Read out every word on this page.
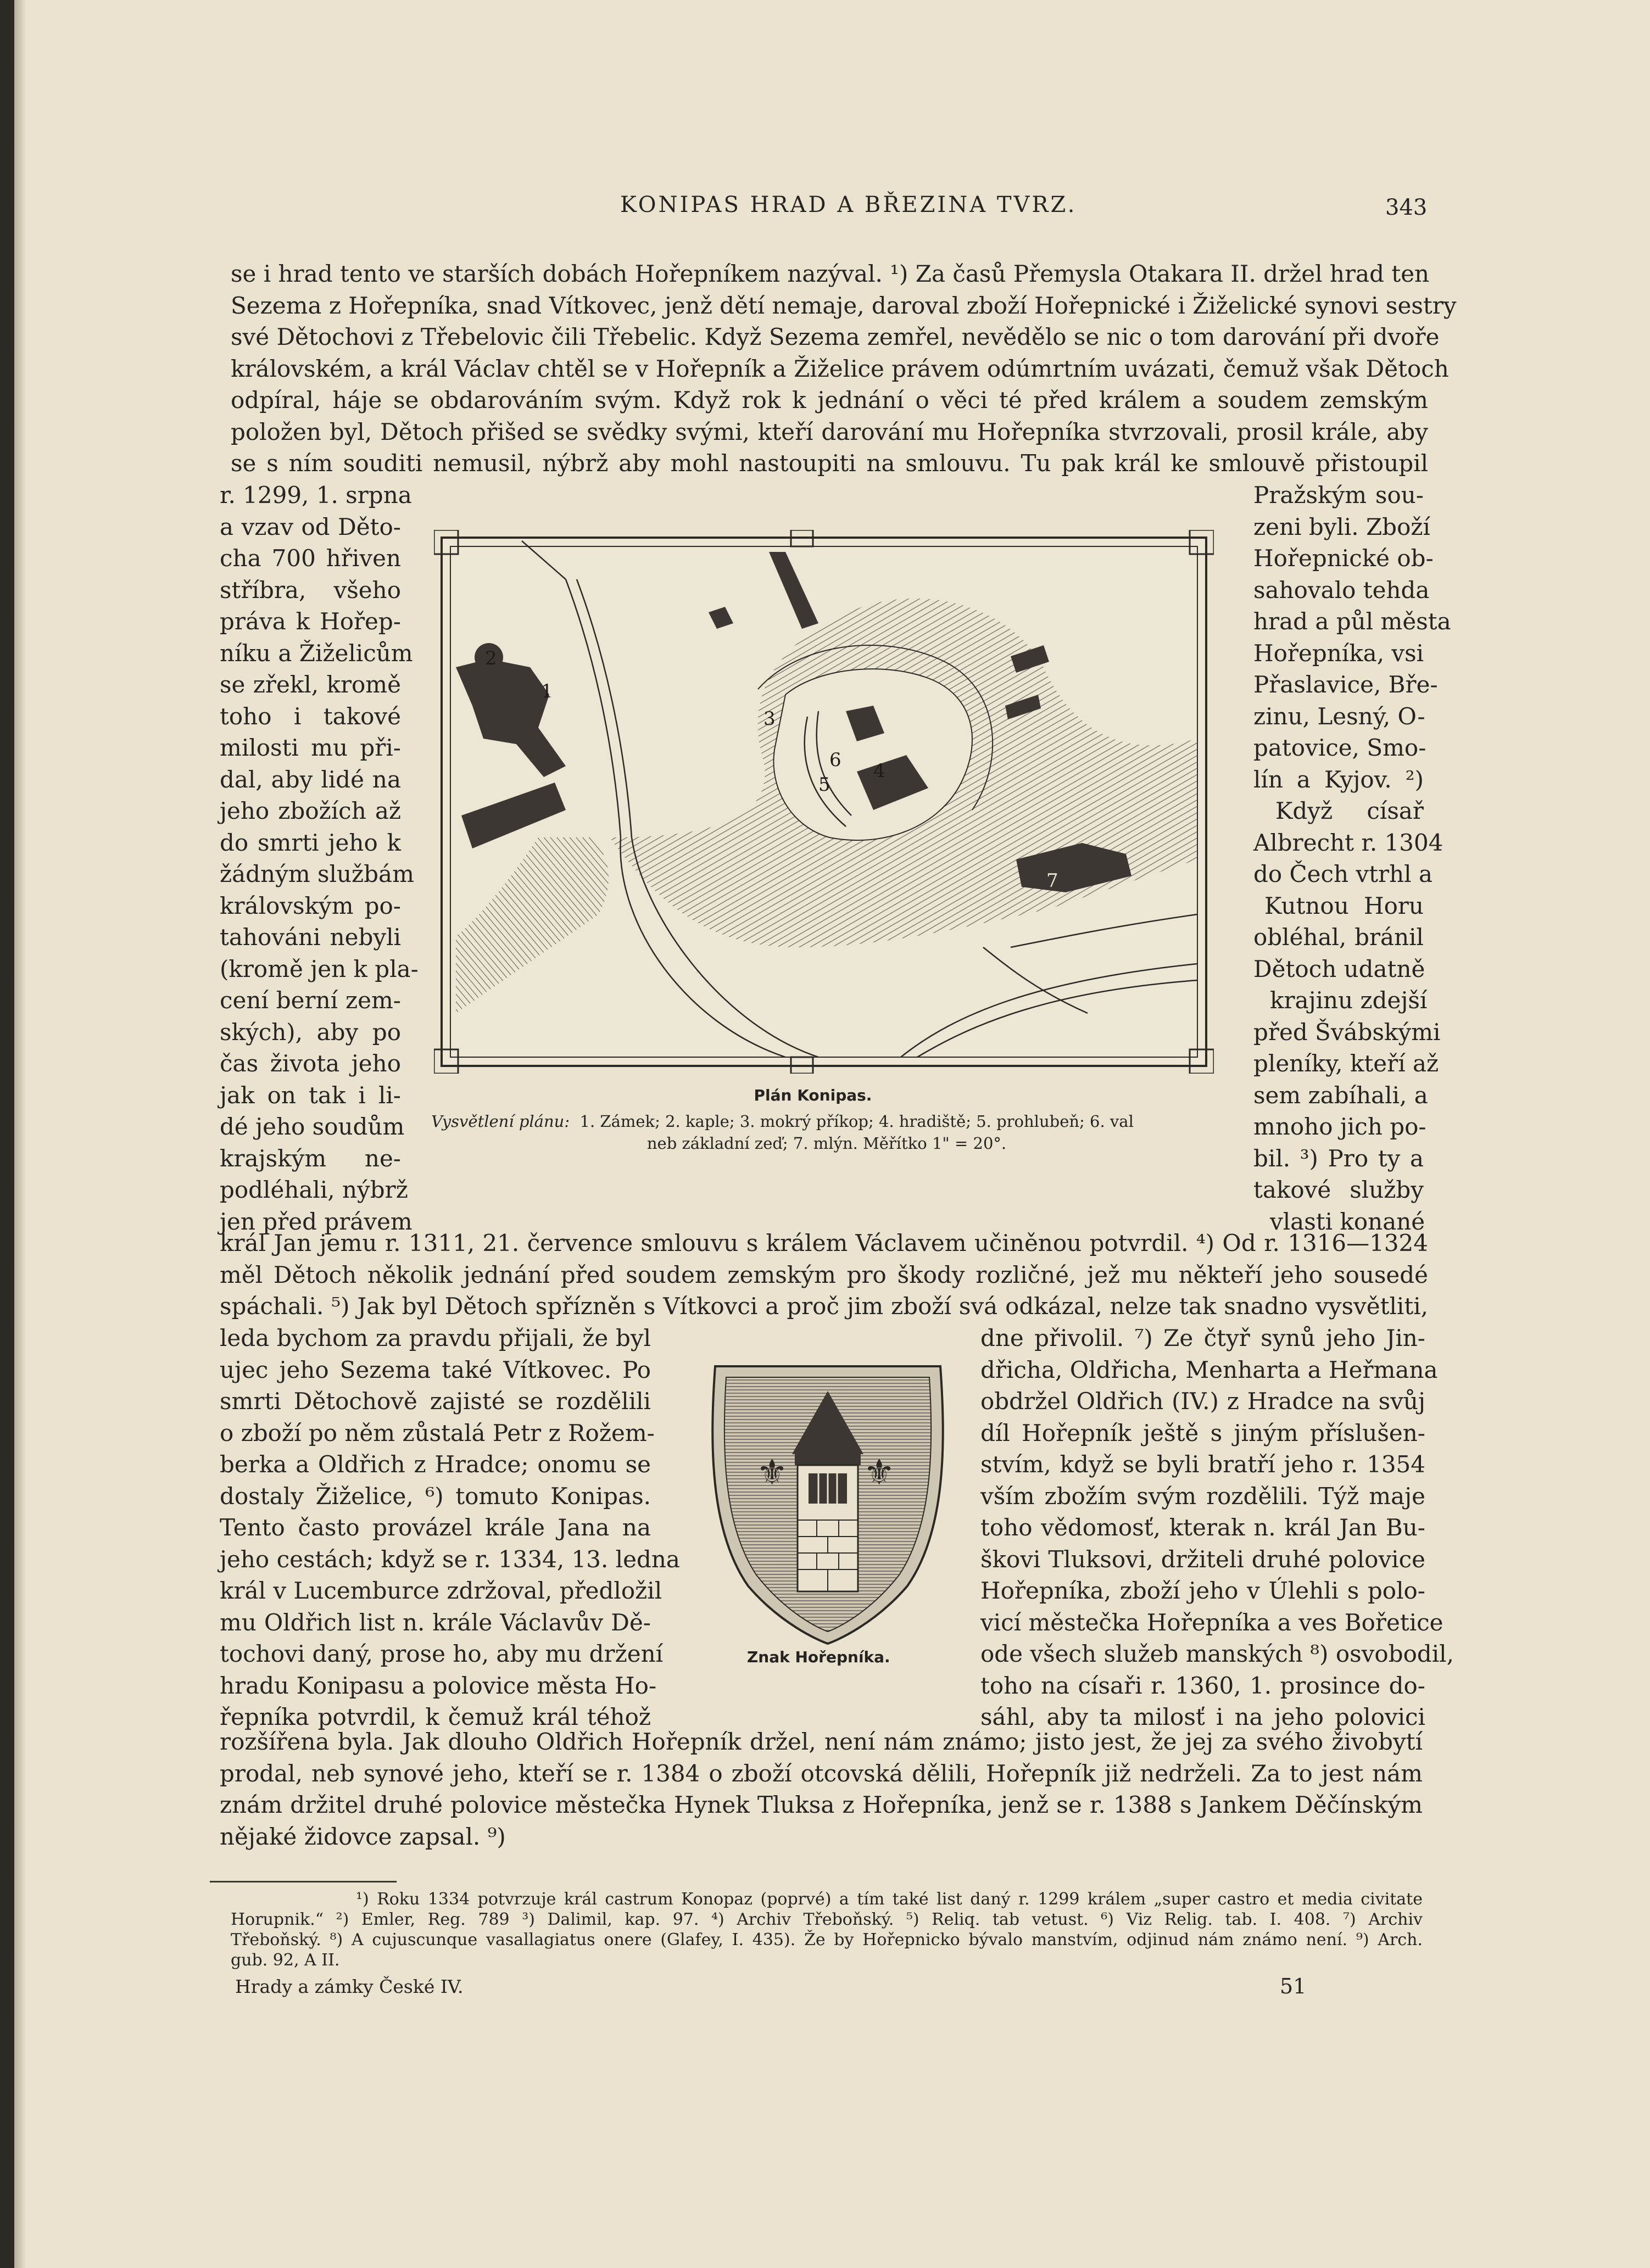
KONIPAS HRAD A BŘEZINA TVRZ.	343
se i hrad tento ve starších dobách Hořepníkem nazýval. ¹) Za časů Přemysla Otakara II. držel hrad ten
Sezema z Hořepníka, snad Vítkovec, jenž dětí nemaje, daroval zboží Hořepnické i Žiželické synovi sestry
své Dětochovi z Třebelovic čili Třebelic. Když Sezema zemřel, nevědělo se nic o tom darování při dvoře
královském, a král Václav chtěl se v Hořepník a Žiželice právem odúmrtním uvázati, čemuž však Dětoch
odpíral, háje se obdarováním svým. Když rok k jednání o věci té před králem a soudem zemským
položen byl, Dětoch přišed se svědky svými, kteří darování mu Hořepníka stvrzovali, prosil krále, aby
se s ním souditi nemusil, nýbrž aby mohl nastoupiti na smlouvu. Tu pak král ke smlouvě přistoupil
r. 1299, 1. srpna
a vzav od Děto-
cha 700 hřiven
stříbra, všeho
práva k Hořep-
níku a Žiželicům
se zřekl, kromě
toho i takové
milosti mu při-
dal, aby lidé na
jeho zbožích až
do smrti jeho k
žádným službám
královským po-
tahováni nebyli
(kromě jen k pla-
cení berní zem-
ských), aby po
čas života jeho
jak on tak i li-
dé jeho soudům
krajským ne-
podléhali, nýbrž
jen před právem
Pražským sou-
zeni byli. Zboží
Hořepnické ob-
sahovalo tehda
hrad a půl města
Hořepníka, vsi
Přaslavice, Bře-
zinu, Lesný, O-
patovice, Smo-
lín a Kyjov. ²)
Když císař
Albrecht r. 1304
do Čech vtrhl a
Kutnou Horu
obléhal, bránil
Dětoch udatně
krajinu zdejší
před Švábskými
pleníky, kteří až
sem zabíhali, a
mnoho jich po-
bil. ³) Pro ty a
takové služby
vlasti konané
2
1
3
6 4
5
7
Plán Konipas.
Vysvětlení plánu: 1. Zámek; 2. kaple; 3. mokrý příkop; 4. hradiště; 5. prohlubeň; 6. val
neb základní zeď; 7. mlýn. Měřítko 1" = 20°.
král Jan jemu r. 1311, 21. července smlouvu s králem Václavem učiněnou potvrdil. ⁴) Od r. 1316—1324
měl Dětoch několik jednání před soudem zemským pro škody rozličné, jež mu někteří jeho sousedé
spáchali. ⁵) Jak byl Dětoch spřízněn s Vítkovci a proč jim zboží svá odkázal, nelze tak snadno vysvětliti,
leda bychom za pravdu přijali, že byl
ujec jeho Sezema také Vítkovec. Po
smrti Dětochově zajisté se rozdělili
o zboží po něm zůstalá Petr z Rožem-
berka a Oldřich z Hradce; onomu se
dostaly Žiželice, ⁶) tomuto Konipas.
Tento často provázel krále Jana na
jeho cestách; když se r. 1334, 13. ledna
král v Lucemburce zdržoval, předložil
mu Oldřich list n. krále Václavův Dě-
tochovi daný, prose ho, aby mu držení
hradu Konipasu a polovice města Ho-
řepníka potvrdil, k čemuž král téhož
⚜ ⚜
Znak Hořepníka.
dne přivolil. ⁷) Ze čtyř synů jeho Jin-
dřicha, Oldřicha, Menharta a Heřmana
obdržel Oldřich (IV.) z Hradce na svůj
díl Hořepník ještě s jiným příslušen-
stvím, když se byli bratří jeho r. 1354
vším zbožím svým rozdělili. Týž maje
toho vědomosť, kterak n. král Jan Bu-
škovi Tluksovi, držiteli druhé polovice
Hořepníka, zboží jeho v Úlehli s polo-
vicí městečka Hořepníka a ves Bořetice
ode všech služeb manských ⁸) osvobodil,
toho na císaři r. 1360, 1. prosince do-
sáhl, aby ta milosť i na jeho polovici
rozšířena byla. Jak dlouho Oldřich Hořepník držel, není nám známo; jisto jest, že jej za svého živobytí
prodal, neb synové jeho, kteří se r. 1384 o zboží otcovská dělili, Hořepník již nedrželi. Za to jest nám
znám držitel druhé polovice městečka Hynek Tluksa z Hořepníka, jenž se r. 1388 s Jankem Děčínským
nějaké židovce zapsal. ⁹)
¹) Roku 1334 potvrzuje král castrum Konopaz (poprvé) a tím také list daný r. 1299 králem „super castro et media civitate
Horupnik.“ ²) Emler, Reg. 789 ³) Dalimil, kap. 97. ⁴) Archiv Třeboňský. ⁵) Reliq. tab vetust. ⁶) Viz Relig. tab. I. 408. ⁷) Archiv
Třeboňský. ⁸) A cujuscunque vasallagiatus onere (Glafey, I. 435). Že by Hořepnicko bývalo manstvím, odjinud nám známo není. ⁹) Arch.
gub. 92, A II.
Hrady a zámky České IV.	51
